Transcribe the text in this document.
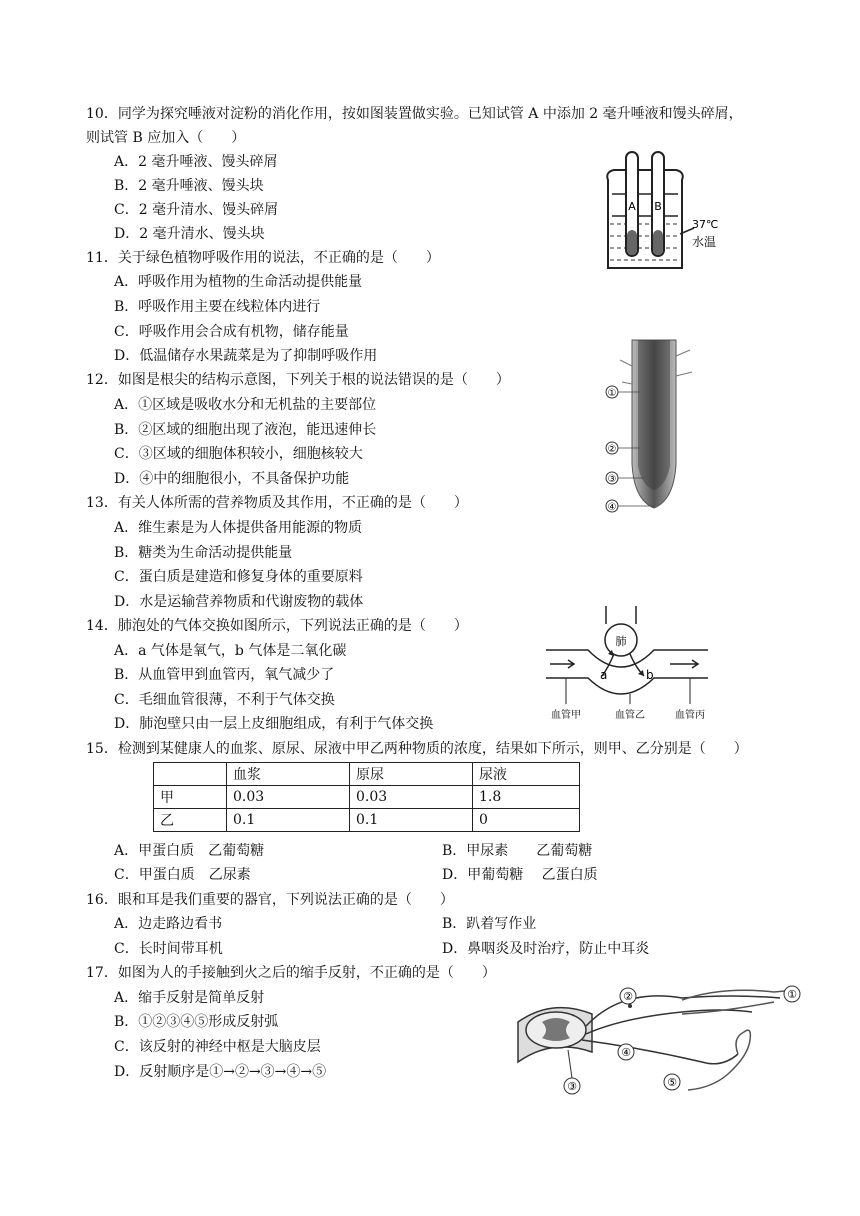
10．同学为探究唾液对淀粉的消化作用，按如图装置做实验。已知试管 A 中添加 2 毫升唾液和馒头碎屑，
则试管 B 应加入（　　）
A．2 毫升唾液、馒头碎屑
B．2 毫升唾液、馒头块
C．2 毫升清水、馒头碎屑
D．2 毫升清水、馒头块
A B
37℃
水温
11．关于绿色植物呼吸作用的说法，不正确的是（　　）
A．呼吸作用为植物的生命活动提供能量
B．呼吸作用主要在线粒体内进行
C．呼吸作用会合成有机物，储存能量
D．低温储存水果蔬菜是为了抑制呼吸作用
12．如图是根尖的结构示意图，下列关于根的说法错误的是（　　）
A．①区域是吸收水分和无机盐的主要部位
B．②区域的细胞出现了液泡，能迅速伸长
C．③区域的细胞体积较小，细胞核较大
D．④中的细胞很小，不具备保护功能
①
②
③
④
13．有关人体所需的营养物质及其作用，不正确的是（　　）
A．维生素是为人体提供备用能源的物质
B．糖类为生命活动提供能量
C．蛋白质是建造和修复身体的重要原料
D．水是运输营养物质和代谢废物的载体
14．肺泡处的气体交换如图所示，下列说法正确的是（　　）
A．a 气体是氧气，b 气体是二氧化碳
B．从血管甲到血管丙，氧气减少了
C．毛细血管很薄，不利于气体交换
D．肺泡壁只由一层上皮细胞组成，有利于气体交换
肺
a	b
血管甲	血管乙	血管丙
15．检测到某健康人的血浆、原尿、尿液中甲乙两种物质的浓度，结果如下所示，则甲、乙分别是（　　）
	血浆	原尿	尿液
甲	0.03	0.03	1.8
乙	0.1	0.1	0
A．甲蛋白质　乙葡萄糖	B．甲尿素　　乙葡萄糖
C．甲蛋白质　乙尿素	D．甲葡萄糖　 乙蛋白质
16．眼和耳是我们重要的器官，下列说法正确的是（　　）
A．边走路边看书	B．趴着写作业
C．长时间带耳机	D．鼻咽炎及时治疗，防止中耳炎
17．如图为人的手接触到火之后的缩手反射，不正确的是（　　）
A．缩手反射是简单反射
B．①②③④⑤形成反射弧
C．该反射的神经中枢是大脑皮层
D．反射顺序是①→②→③→④→⑤
①
②
③
④
⑤
